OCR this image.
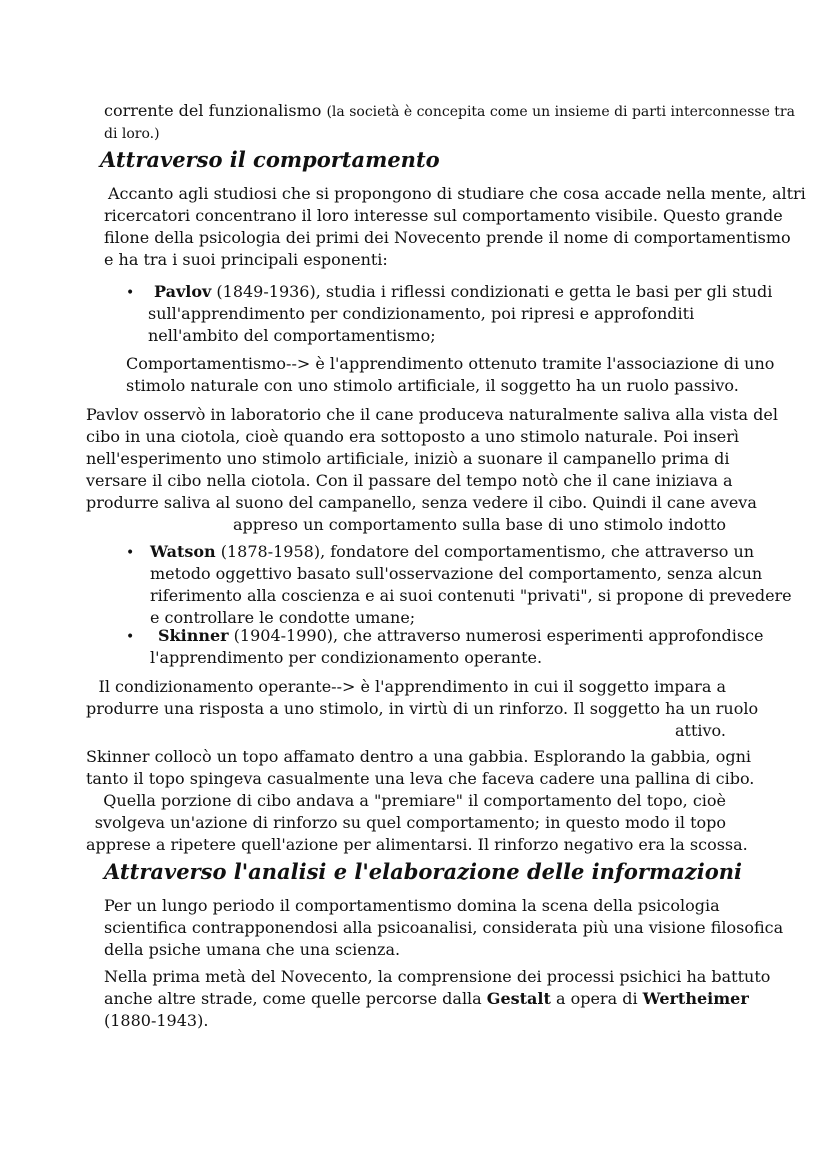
corrente del funzionalismo (la società è concepita come un insieme di parti interconnesse tra
di loro.)

Attraverso il comportamento

Accanto agli studiosi che si propongono di studiare che cosa accade nella mente, altri
ricercatori concentrano il loro interesse sul comportamento visibile. Questo grande
filone della psicologia dei primi dei Novecento prende il nome di comportamentismo
e ha tra i suoi principali esponenti:

•	Pavlov (1849-1936), studia i riflessi condizionati e getta le basi per gli studi
sull'apprendimento per condizionamento, poi ripresi e approfonditi
nell'ambito del comportamentismo;

Comportamentismo--> è l'apprendimento ottenuto tramite l'associazione di uno
stimolo naturale con uno stimolo artificiale, il soggetto ha un ruolo passivo.

Pavlov osservò in laboratorio che il cane produceva naturalmente saliva alla vista del
cibo in una ciotola, cioè quando era sottoposto a uno stimolo naturale. Poi inserì
nell'esperimento uno stimolo artificiale, iniziò a suonare il campanello prima di
versare il cibo nella ciotola. Con il passare del tempo notò che il cane iniziava a
produrre saliva al suono del campanello, senza vedere il cibo. Quindi il cane aveva
appreso un comportamento sulla base di uno stimolo indotto

• Watson (1878-1958), fondatore del comportamentismo, che attraverso un
metodo oggettivo basato sull'osservazione del comportamento, senza alcun
riferimento alla coscienza e ai suoi contenuti "privati", si propone di prevedere
e controllare le condotte umane;

•	Skinner (1904-1990), che attraverso numerosi esperimenti approfondisce
l'apprendimento per condizionamento operante.

Il condizionamento operante--> è l'apprendimento in cui il soggetto impara a
produrre una risposta a uno stimolo, in virtù di un rinforzo. Il soggetto ha un ruolo
attivo.

Skinner collocò un topo affamato dentro a una gabbia. Esplorando la gabbia, ogni
tanto il topo spingeva casualmente una leva che faceva cadere una pallina di cibo.
Quella porzione di cibo andava a "premiare" il comportamento del topo, cioè
svolgeva un'azione di rinforzo su quel comportamento; in questo modo il topo
apprese a ripetere quell'azione per alimentarsi. Il rinforzo negativo era la scossa.

Attraverso l'analisi e l'elaborazione delle informazioni

Per un lungo periodo il comportamentismo domina la scena della psicologia
scientifica contrapponendosi alla psicoanalisi, considerata più una visione filosofica
della psiche umana che una scienza.

Nella prima metà del Novecento, la comprensione dei processi psichici ha battuto
anche altre strade, come quelle percorse dalla Gestalt a opera di Wertheimer
(1880-1943).
